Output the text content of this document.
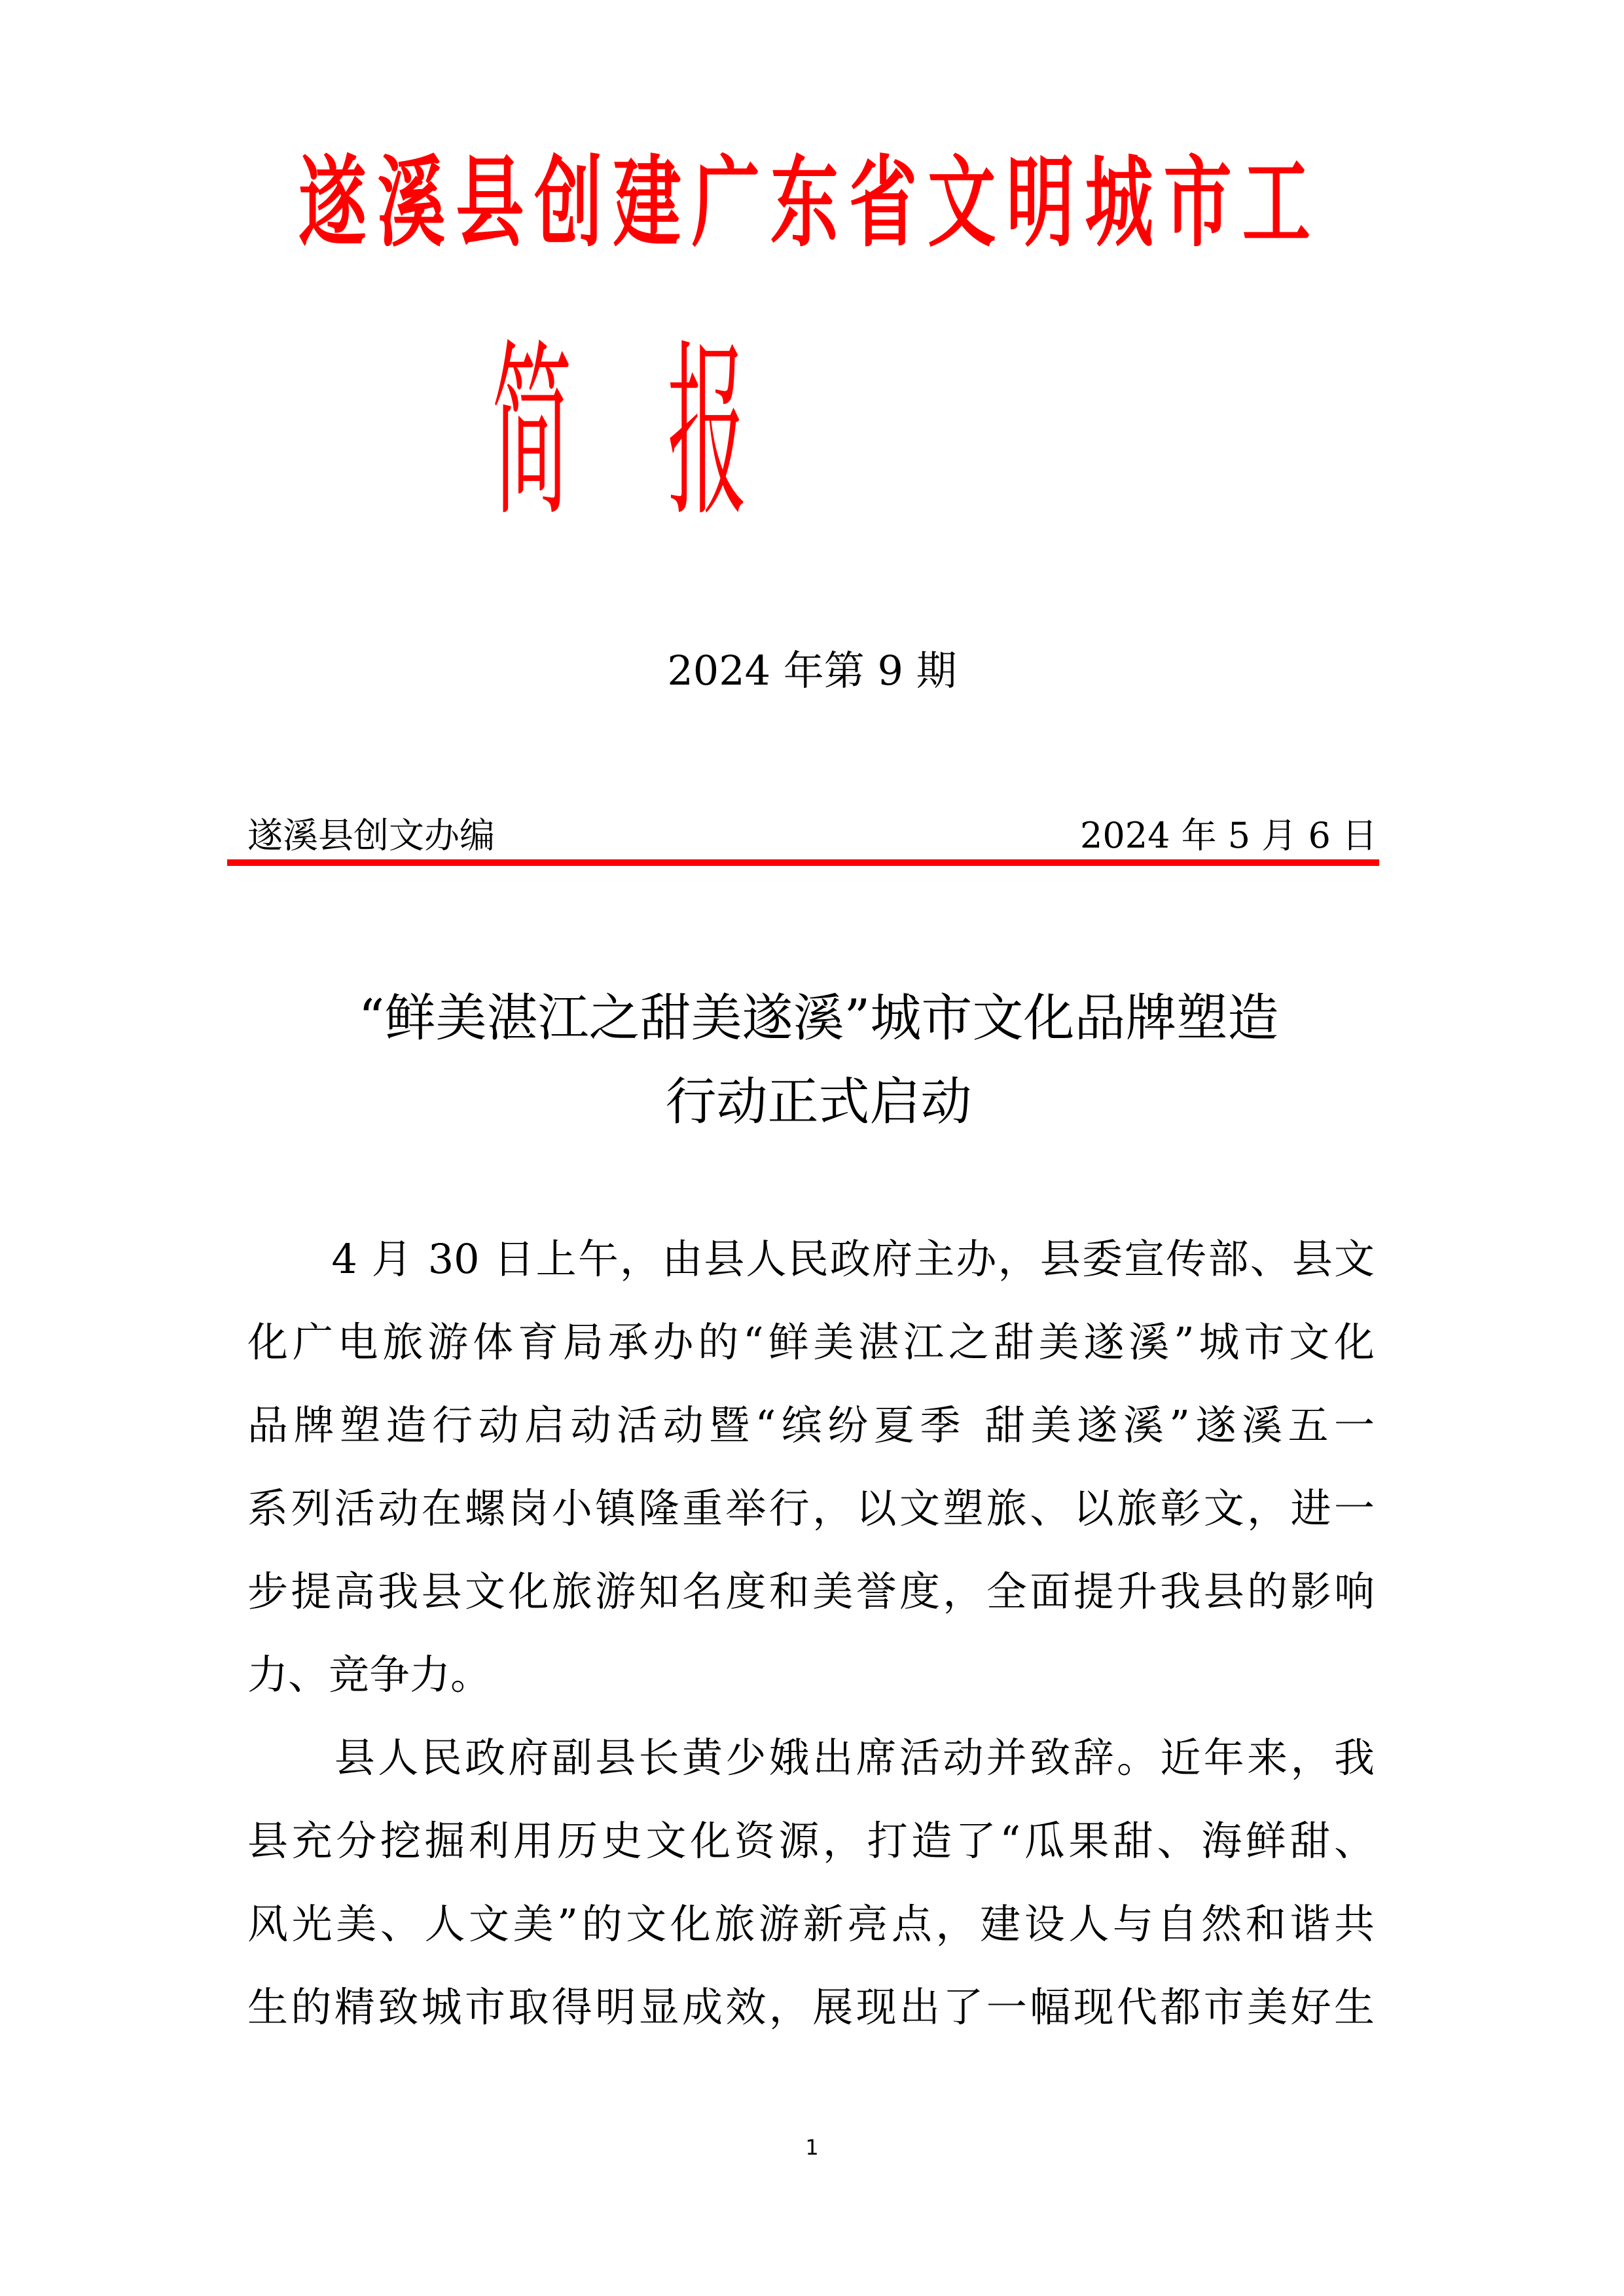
遂 溪 县 创 建 广 东 省 文 明 城 市 工
简 报
2024 年第 9 期
遂溪县创文办编	2024 年 5 月 6 日
“鲜美湛江之甜美遂溪”城市文化品牌塑造
行动正式启动
　　4 月 30 日上午，由县人民政府主办，县委宣传部、县文
化广电旅游体育局承办的“鲜美湛江之甜美遂溪”城市文化
品牌塑造行动启动活动暨“缤纷夏季 甜美遂溪”遂溪五一
系列活动在螺岗小镇隆重举行，以文塑旅、以旅彰文，进一
步提高我县文化旅游知名度和美誉度，全面提升我县的影响
力、竞争力。
　　县人民政府副县长黄少娥出席活动并致辞。近年来，我
县充分挖掘利用历史文化资源，打造了“瓜果甜、海鲜甜、
风光美、人文美”的文化旅游新亮点，建设人与自然和谐共
生的精致城市取得明显成效，展现出了一幅现代都市美好生
1
